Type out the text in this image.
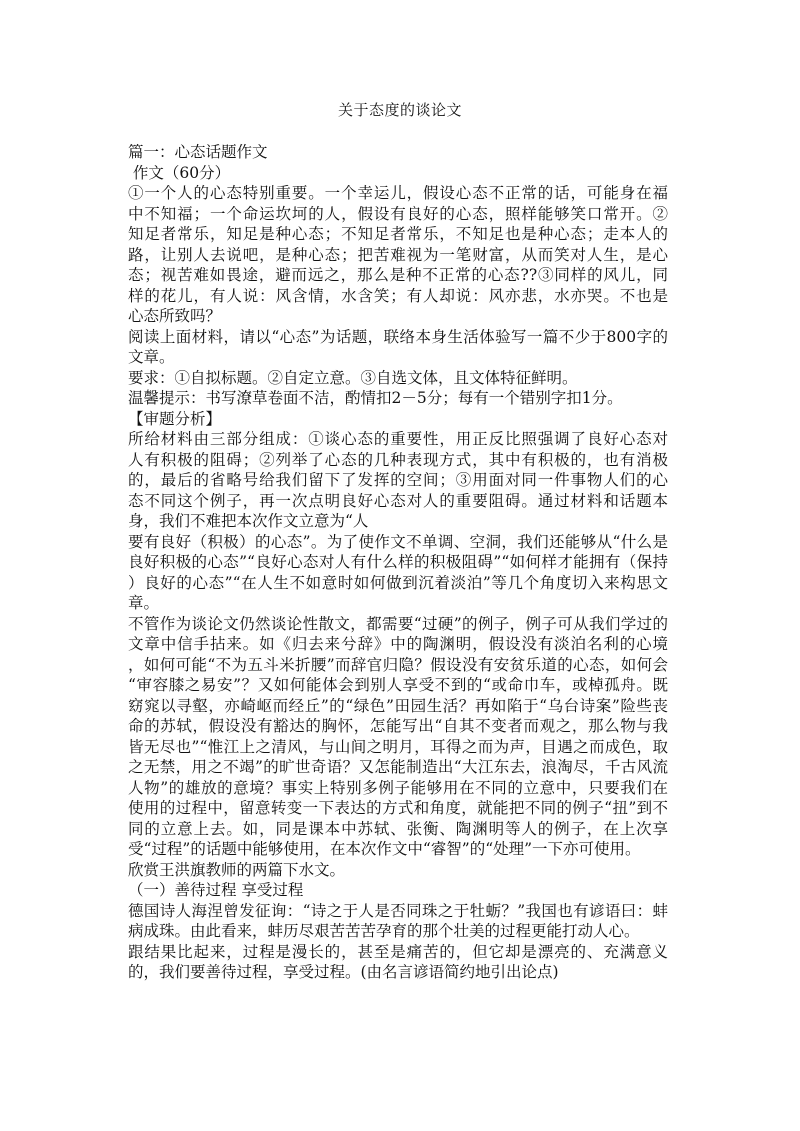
关于态度的谈论文
篇一：心态话题作文
作文（60分）
①一个人的心态特别重要。一个幸运儿，假设心态不正常的话，可能身在福
中不知福；一个命运坎坷的人，假设有良好的心态，照样能够笑口常开。②
知足者常乐，知足是种心态；不知足者常乐，不知足也是种心态；走本人的
路，让别人去说吧，是种心态；把苦难视为一笔财富，从而笑对人生，是心
态；视苦难如畏途，避而远之，那么是种不正常的心态??③同样的风儿，同
样的花儿，有人说：风含情，水含笑；有人却说：风亦悲，水亦哭。不也是
心态所致吗？
阅读上面材料，请以“心态”为话题，联络本身生活体验写一篇不少于800字的
文章。
要求：①自拟标题。②自定立意。③自选文体，且文体特征鲜明。
温馨提示：书写潦草卷面不洁，酌情扣2－5分；每有一个错别字扣1分。
【审题分析】
所给材料由三部分组成：①谈心态的重要性，用正反比照强调了良好心态对
人有积极的阻碍；②列举了心态的几种表现方式，其中有积极的，也有消极
的，最后的省略号给我们留下了发挥的空间；③用面对同一件事物人们的心
态不同这个例子，再一次点明良好心态对人的重要阻碍。通过材料和话题本
身，我们不难把本次作文立意为“人
要有良好（积极）的心态”。为了使作文不单调、空洞，我们还能够从“什么是
良好积极的心态”“良好心态对人有什么样的积极阻碍”“如何样才能拥有（保持
）良好的心态”“在人生不如意时如何做到沉着淡泊”等几个角度切入来构思文
章。
不管作为谈论文仍然谈论性散文，都需要“过硬”的例子，例子可从我们学过的
文章中信手拈来。如《归去来兮辞》中的陶渊明，假设没有淡泊名利的心境
，如何可能“不为五斗米折腰”而辞官归隐？假设没有安贫乐道的心态，如何会
“审容膝之易安”？又如何能体会到别人享受不到的“或命巾车，或棹孤舟。既
窈窕以寻壑，亦崎岖而经丘”的“绿色”田园生活？再如陷于“乌台诗案”险些丧
命的苏轼，假设没有豁达的胸怀，怎能写出“自其不变者而观之，那么物与我
皆无尽也”“惟江上之清风，与山间之明月，耳得之而为声，目遇之而成色，取
之无禁，用之不竭”的旷世奇语？又怎能制造出“大江东去，浪淘尽，千古风流
人物”的雄放的意境？事实上特别多例子能够用在不同的立意中，只要我们在
使用的过程中，留意转变一下表达的方式和角度，就能把不同的例子“扭”到不
同的立意上去。如，同是课本中苏轼、张衡、陶渊明等人的例子，在上次享
受“过程”的话题中能够使用，在本次作文中“睿智”的“处理”一下亦可使用。
欣赏王洪旗教师的两篇下水文。
（一）善待过程 享受过程
德国诗人海涅曾发征询：“诗之于人是否同珠之于牡蛎？”我国也有谚语曰：蚌
病成珠。由此看来，蚌历尽艰苦苦苦孕育的那个壮美的过程更能打动人心。
跟结果比起来，过程是漫长的，甚至是痛苦的，但它却是漂亮的、充满意义
的，我们要善待过程，享受过程。(由名言谚语简约地引出论点)
